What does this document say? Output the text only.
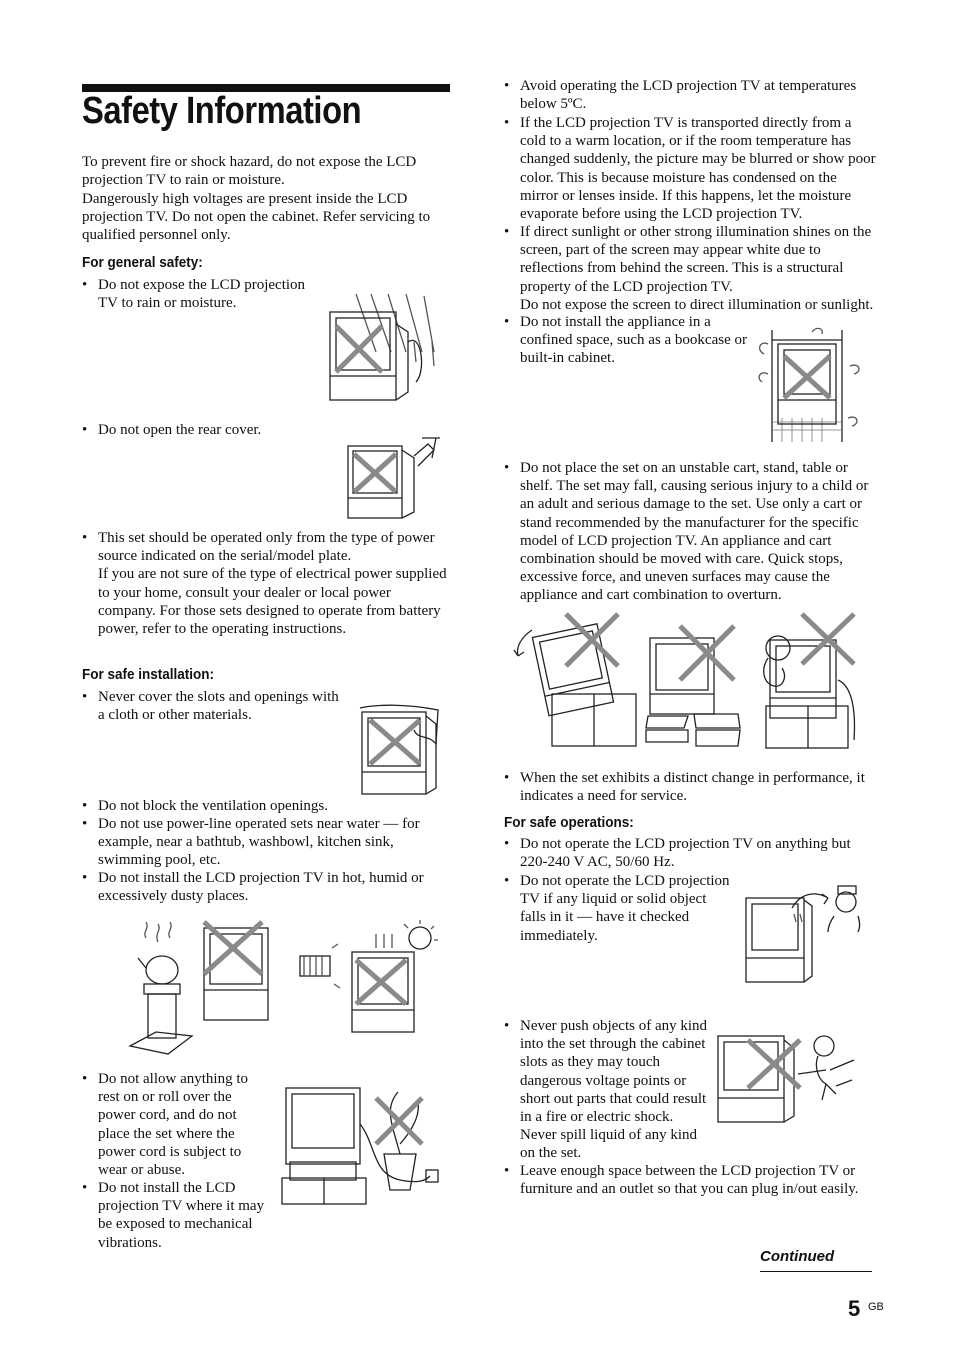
Safety Information

To prevent fire or shock hazard, do not expose the LCD projection TV to rain or moisture.

Dangerously high voltages are present inside the LCD projection TV. Do not open the cabinet. Refer servicing to qualified personnel only.

For general safety:
• Do not expose the LCD projection TV to rain or moisture.
• Do not open the rear cover.
• This set should be operated only from the type of power source indicated on the serial/model plate.
If you are not sure of the type of electrical power supplied to your home, consult your dealer or local power company. For those sets designed to operate from battery power, refer to the operating instructions.
For safe installation:
• Never cover the slots and openings with a cloth or other materials.
• Do not block the ventilation openings.
• Do not use power-line operated sets near water — for example, near a bathtub, washbowl, kitchen sink, swimming pool, etc.
• Do not install the LCD projection TV in hot, humid or excessively dusty places.
• Do not allow anything to rest on or roll over the power cord, and do not place the set where the power cord is subject to wear or abuse.
• Do not install the LCD projection TV where it may be exposed to mechanical vibrations.
• Avoid operating the LCD projection TV at temperatures below 5ºC.
• If the LCD projection TV is transported directly from a cold to a warm location, or if the room temperature has changed suddenly, the picture may be blurred or show poor color. This is because moisture has condensed on the mirror or lenses inside. If this happens, let the moisture evaporate before using the LCD projection TV.
• If direct sunlight or other strong illumination shines on the screen, part of the screen may appear white due to reflections from behind the screen. This is a structural property of the LCD projection TV.
Do not expose the screen to direct illumination or sunlight.
• Do not install the appliance in a confined space, such as a bookcase or built-in cabinet.
• Do not place the set on an unstable cart, stand, table or shelf. The set may fall, causing serious injury to a child or an adult and serious damage to the set. Use only a cart or stand recommended by the manufacturer for the specific model of LCD projection TV. An appliance and cart combination should be moved with care. Quick stops, excessive force, and uneven surfaces may cause the appliance and cart combination to overturn.
• When the set exhibits a distinct change in performance, it indicates a need for service.
For safe operations:
• Do not operate the LCD projection TV on anything but 220-240 V AC, 50/60 Hz.
• Do not operate the LCD projection TV if any liquid or solid object falls in it — have it checked immediately.
• Never push objects of any kind into the set through the cabinet slots as they may touch dangerous voltage points or short out parts that could result in a fire or electric shock. Never spill liquid of any kind on the set.
• Leave enough space between the LCD projection TV or furniture and an outlet so that you can plug in/out easily.
Continued
5 GB
